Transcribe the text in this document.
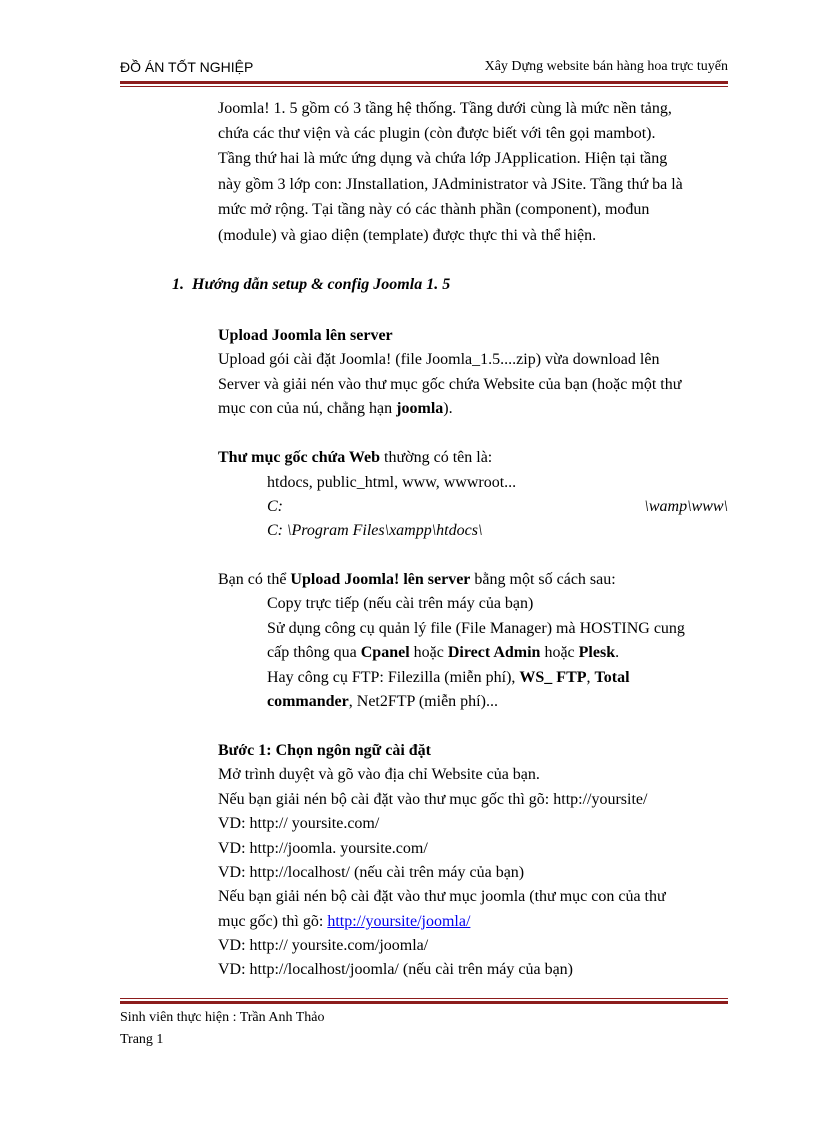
ĐỒ ÁN TỐT NGHIỆP	Xây Dựng website bán hàng hoa trực tuyến
Joomla! 1. 5 gồm có 3 tầng hệ thống. Tầng dưới cùng là mức nền tảng,
chứa các thư viện và các plugin (còn được biết với tên gọi mambot).
Tầng thứ hai là mức ứng dụng và chứa lớp JApplication. Hiện tại tầng
này gồm 3 lớp con: JInstallation, JAdministrator và JSite. Tầng thứ ba là
mức mở rộng. Tại tầng này có các thành phần (component), mođun
(module) và giao diện (template) được thực thi và thể hiện.
1. Hướng dẫn setup & config Joomla 1. 5
Upload Joomla lên server
Upload gói cài đặt Joomla! (file Joomla_1.5....zip) vừa download lên
Server và giải nén vào thư mục gốc chứa Website của bạn (hoặc một thư
mục con của nú, chẳng hạn joomla).
Thư mục gốc chứa Web thường có tên là:
htdocs, public_html, www, wwwroot...
C:	\wamp\www\
C: \Program Files\xampp\htdocs\
Bạn có thể Upload Joomla! lên server bằng một số cách sau:
Copy trực tiếp (nếu cài trên máy của bạn)
Sử dụng công cụ quản lý file (File Manager) mà HOSTING cung
cấp thông qua Cpanel hoặc Direct Admin hoặc Plesk.
Hay công cụ FTP: Filezilla (miễn phí), WS_ FTP, Total
commander, Net2FTP (miễn phí)...
Bước 1: Chọn ngôn ngữ cài đặt
Mở trình duyệt và gõ vào địa chỉ Website của bạn.
Nếu bạn giải nén bộ cài đặt vào thư mục gốc thì gõ: http://yoursite/
VD: http:// yoursite.com/
VD: http://joomla. yoursite.com/
VD: http://localhost/ (nếu cài trên máy của bạn)
Nếu bạn giải nén bộ cài đặt vào thư mục joomla (thư mục con của thư
mục gốc) thì gõ: http://yoursite/joomla/
VD: http:// yoursite.com/joomla/
VD: http://localhost/joomla/ (nếu cài trên máy của bạn)
Sinh viên thực hiện : Trần Anh Thảo
Trang 1
